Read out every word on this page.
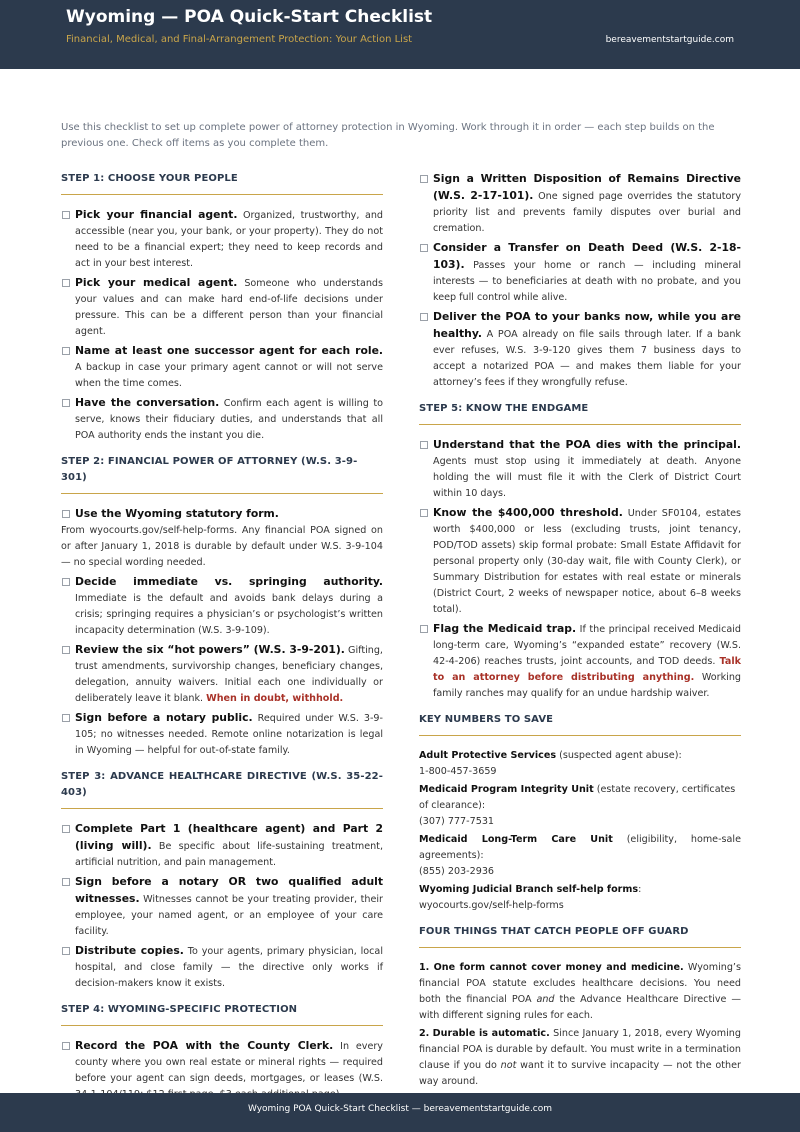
Wyoming — POA Quick-Start Checklist
Financial, Medical, and Final-Arrangement Protection: Your Action List	bereavementstartguide.com
Use this checklist to set up complete power of attorney protection in Wyoming. Work through it in order — each step builds on the previous one. Check off items as you complete them.
STEP 1: CHOOSE YOUR PEOPLE
Pick your financial agent. Organized, trustworthy, and accessible (near you, your bank, or your property). They do not need to be a financial expert; they need to keep records and act in your best interest.
Pick your medical agent. Someone who understands your values and can make hard end-of-life decisions under pressure. This can be a different person than your financial agent.
Name at least one successor agent for each role. A backup in case your primary agent cannot or will not serve when the time comes.
Have the conversation. Confirm each agent is willing to serve, knows their fiduciary duties, and understands that all POA authority ends the instant you die.
STEP 2: FINANCIAL POWER OF ATTORNEY (W.S. 3-9-301)
Use the Wyoming statutory form.
From wyocourts.gov/self-help-forms. Any financial POA signed on or after January 1, 2018 is durable by default under W.S. 3-9-104 — no special wording needed.
Decide immediate vs. springing authority. Immediate is the default and avoids bank delays during a crisis; springing requires a physician’s or psychologist’s written incapacity determination (W.S. 3-9-109).
Review the six “hot powers” (W.S. 3-9-201). Gifting, trust amendments, survivorship changes, beneficiary changes, delegation, annuity waivers. Initial each one individually or deliberately leave it blank. When in doubt, withhold.
Sign before a notary public. Required under W.S. 3-9-105; no witnesses needed. Remote online notarization is legal in Wyoming — helpful for out-of-state family.
STEP 3: ADVANCE HEALTHCARE DIRECTIVE (W.S. 35-22-403)
Complete Part 1 (healthcare agent) and Part 2 (living will). Be specific about life-sustaining treatment, artificial nutrition, and pain management.
Sign before a notary OR two qualified adult witnesses. Witnesses cannot be your treating provider, their employee, your named agent, or an employee of your care facility.
Distribute copies. To your agents, primary physician, local hospital, and close family — the directive only works if decision-makers know it exists.
STEP 4: WYOMING-SPECIFIC PROTECTION
Record the POA with the County Clerk. In every county where you own real estate or mineral rights — required before your agent can sign deeds, mortgages, or leases (W.S.
Sign a Written Disposition of Remains Directive (W.S. 2-17-101). One signed page overrides the statutory priority list and prevents family disputes over burial and cremation.
Consider a Transfer on Death Deed (W.S. 2-18-103). Passes your home or ranch — including mineral interests — to beneficiaries at death with no probate, and you keep full control while alive.
Deliver the POA to your banks now, while you are healthy. A POA already on file sails through later. If a bank ever refuses, W.S. 3-9-120 gives them 7 business days to accept a notarized POA — and makes them liable for your attorney’s fees if they wrongfully refuse.
STEP 5: KNOW THE ENDGAME
Understand that the POA dies with the principal. Agents must stop using it immediately at death. Anyone holding the will must file it with the Clerk of District Court within 10 days.
Know the $400,000 threshold. Under SF0104, estates worth $400,000 or less (excluding trusts, joint tenancy, POD/TOD assets) skip formal probate: Small Estate Affidavit for personal property only (30-day wait, file with County Clerk), or Summary Distribution for estates with real estate or minerals (District Court, 2 weeks of newspaper notice, about 6–8 weeks total).
Flag the Medicaid trap. If the principal received Medicaid long-term care, Wyoming’s “expanded estate” recovery (W.S. 42-4-206) reaches trusts, joint accounts, and TOD deeds. Talk to an attorney before distributing anything. Working family ranches may qualify for an undue hardship waiver.
KEY NUMBERS TO SAVE
Adult Protective Services (suspected agent abuse):
1-800-457-3659
Medicaid Program Integrity Unit (estate recovery, certificates of clearance):
(307) 777-7531
Medicaid Long-Term Care Unit (eligibility, home-sale agreements):
(855) 203-2936
Wyoming Judicial Branch self-help forms:
wyocourts.gov/self-help-forms
FOUR THINGS THAT CATCH PEOPLE OFF GUARD
1. One form cannot cover money and medicine. Wyoming’s financial POA statute excludes healthcare decisions. You need both the financial POA and the Advance Healthcare Directive — with different signing rules for each.
2. Durable is automatic. Since January 1, 2018, every Wyoming financial POA is durable by default. You must write in a termination clause if you do not want it to survive incapacity — not the other way around.
Wyoming POA Quick-Start Checklist — bereavementstartguide.com
